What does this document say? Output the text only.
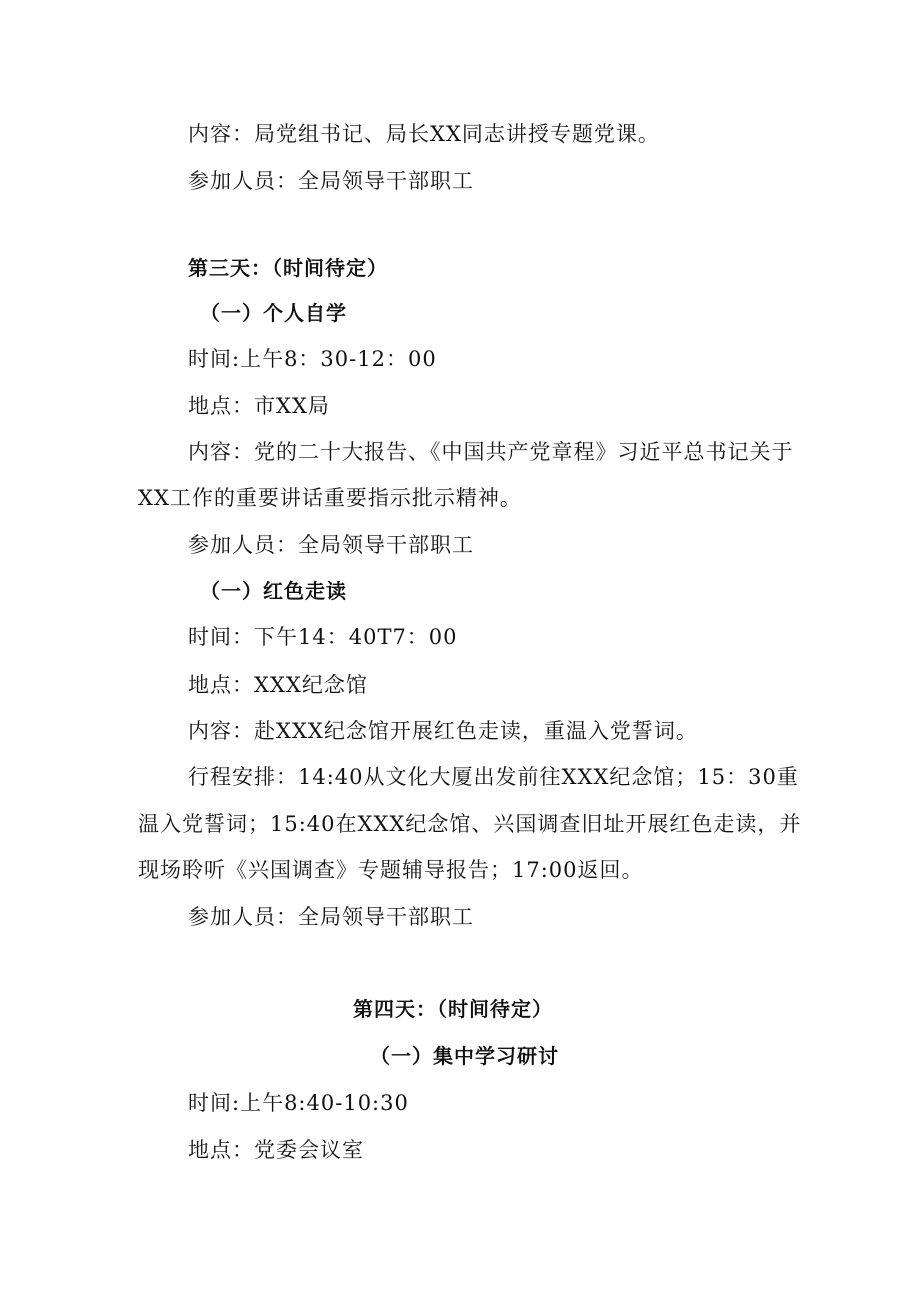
内容：局党组书记、局长XX同志讲授专题党课。
参加人员：全局领导干部职工
第三天：（时间待定）
（一）个人自学
时间:上午8：30-12：00
地点：市XX局
内容：党的二十大报告、《中国共产党章程》习近平总书记关于
XX工作的重要讲话重要指示批示精神。
参加人员：全局领导干部职工
（一）红色走读
时间：下午14：40T7：00
地点：XXX纪念馆
内容：赴XXX纪念馆开展红色走读，重温入党誓词。
行程安排：14:40从文化大厦出发前往XXX纪念馆；15：30重
温入党誓词；15:40在XXX纪念馆、兴国调查旧址开展红色走读，并
现场聆听《兴国调查》专题辅导报告；17:00返回。
参加人员：全局领导干部职工
第四天：（时间待定）
（一）集中学习研讨
时间:上午8:40-10:30
地点：党委会议室
